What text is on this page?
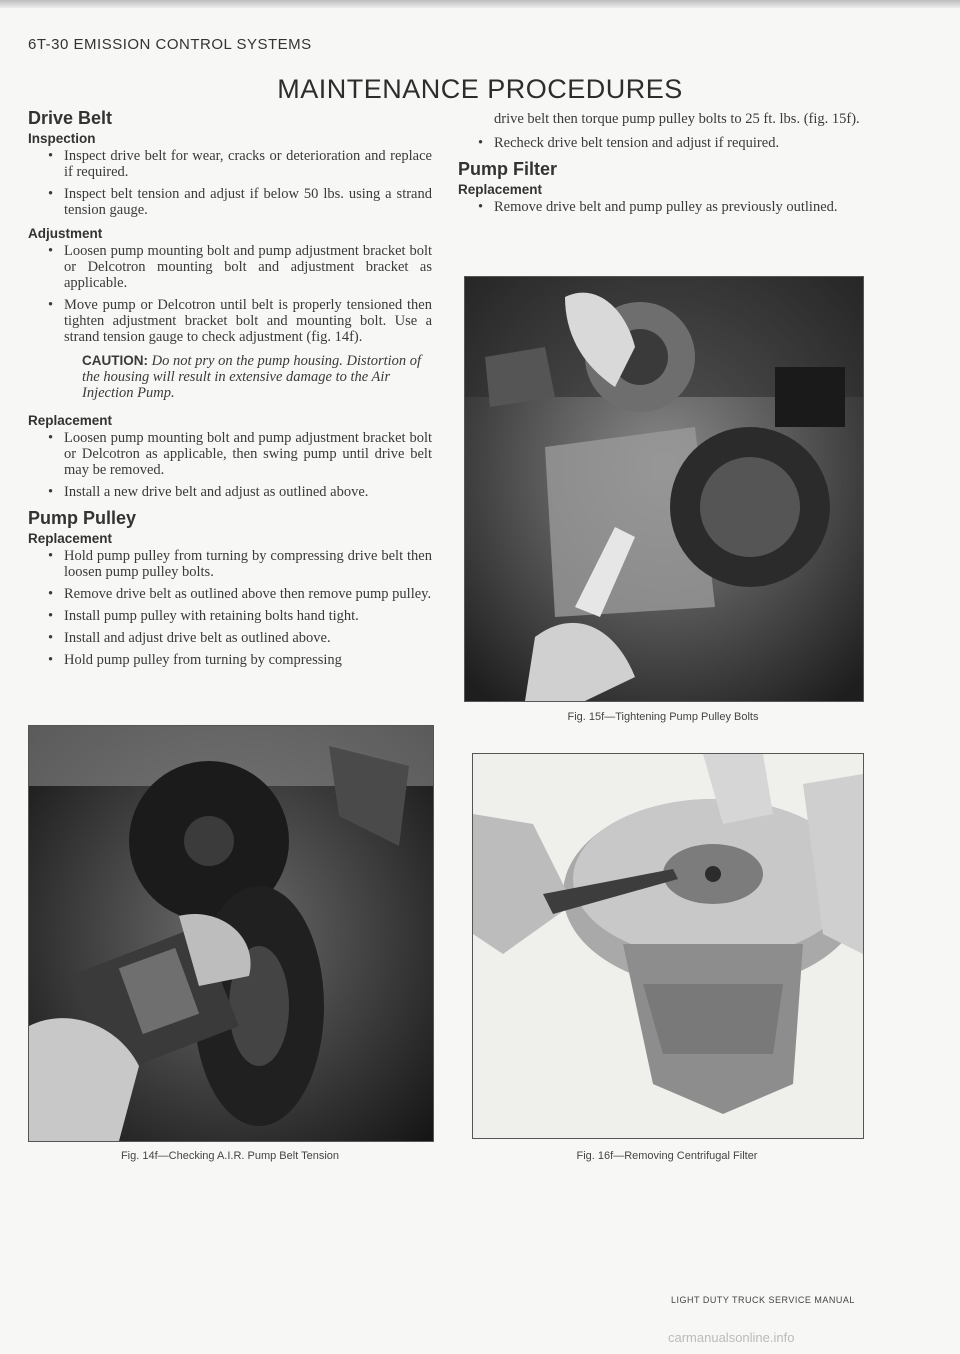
6T-30 EMISSION CONTROL SYSTEMS
MAINTENANCE PROCEDURES
Drive Belt
Inspection
• Inspect drive belt for wear, cracks or deterioration and replace if required.
• Inspect belt tension and adjust if below 50 lbs. using a strand tension gauge.
Adjustment
• Loosen pump mounting bolt and pump adjustment bracket bolt or Delcotron mounting bolt and adjustment bracket as applicable.
• Move pump or Delcotron until belt is properly tensioned then tighten adjustment bracket bolt and mounting bolt. Use a strand tension gauge to check adjustment (fig. 14f).
CAUTION: Do not pry on the pump housing. Distortion of the housing will result in extensive damage to the Air Injection Pump.
Replacement
• Loosen pump mounting bolt and pump adjustment bracket bolt or Delcotron as applicable, then swing pump until drive belt may be removed.
• Install a new drive belt and adjust as outlined above.
Pump Pulley
Replacement
• Hold pump pulley from turning by compressing drive belt then loosen pump pulley bolts.
• Remove drive belt as outlined above then remove pump pulley.
• Install pump pulley with retaining bolts hand tight.
• Install and adjust drive belt as outlined above.
• Hold pump pulley from turning by compressing

drive belt then torque pump pulley bolts to 25 ft. lbs. (fig. 15f).

• Recheck drive belt tension and adjust if required.
Pump Filter
Replacement
• Remove drive belt and pump pulley as previously outlined.
Fig. 15f—Tightening Pump Pulley Bolts
Fig. 14f—Checking A.I.R. Pump Belt Tension	Fig. 16f—Removing Centrifugal Filter
LIGHT DUTY TRUCK SERVICE MANUAL
carmanualsonline.info
